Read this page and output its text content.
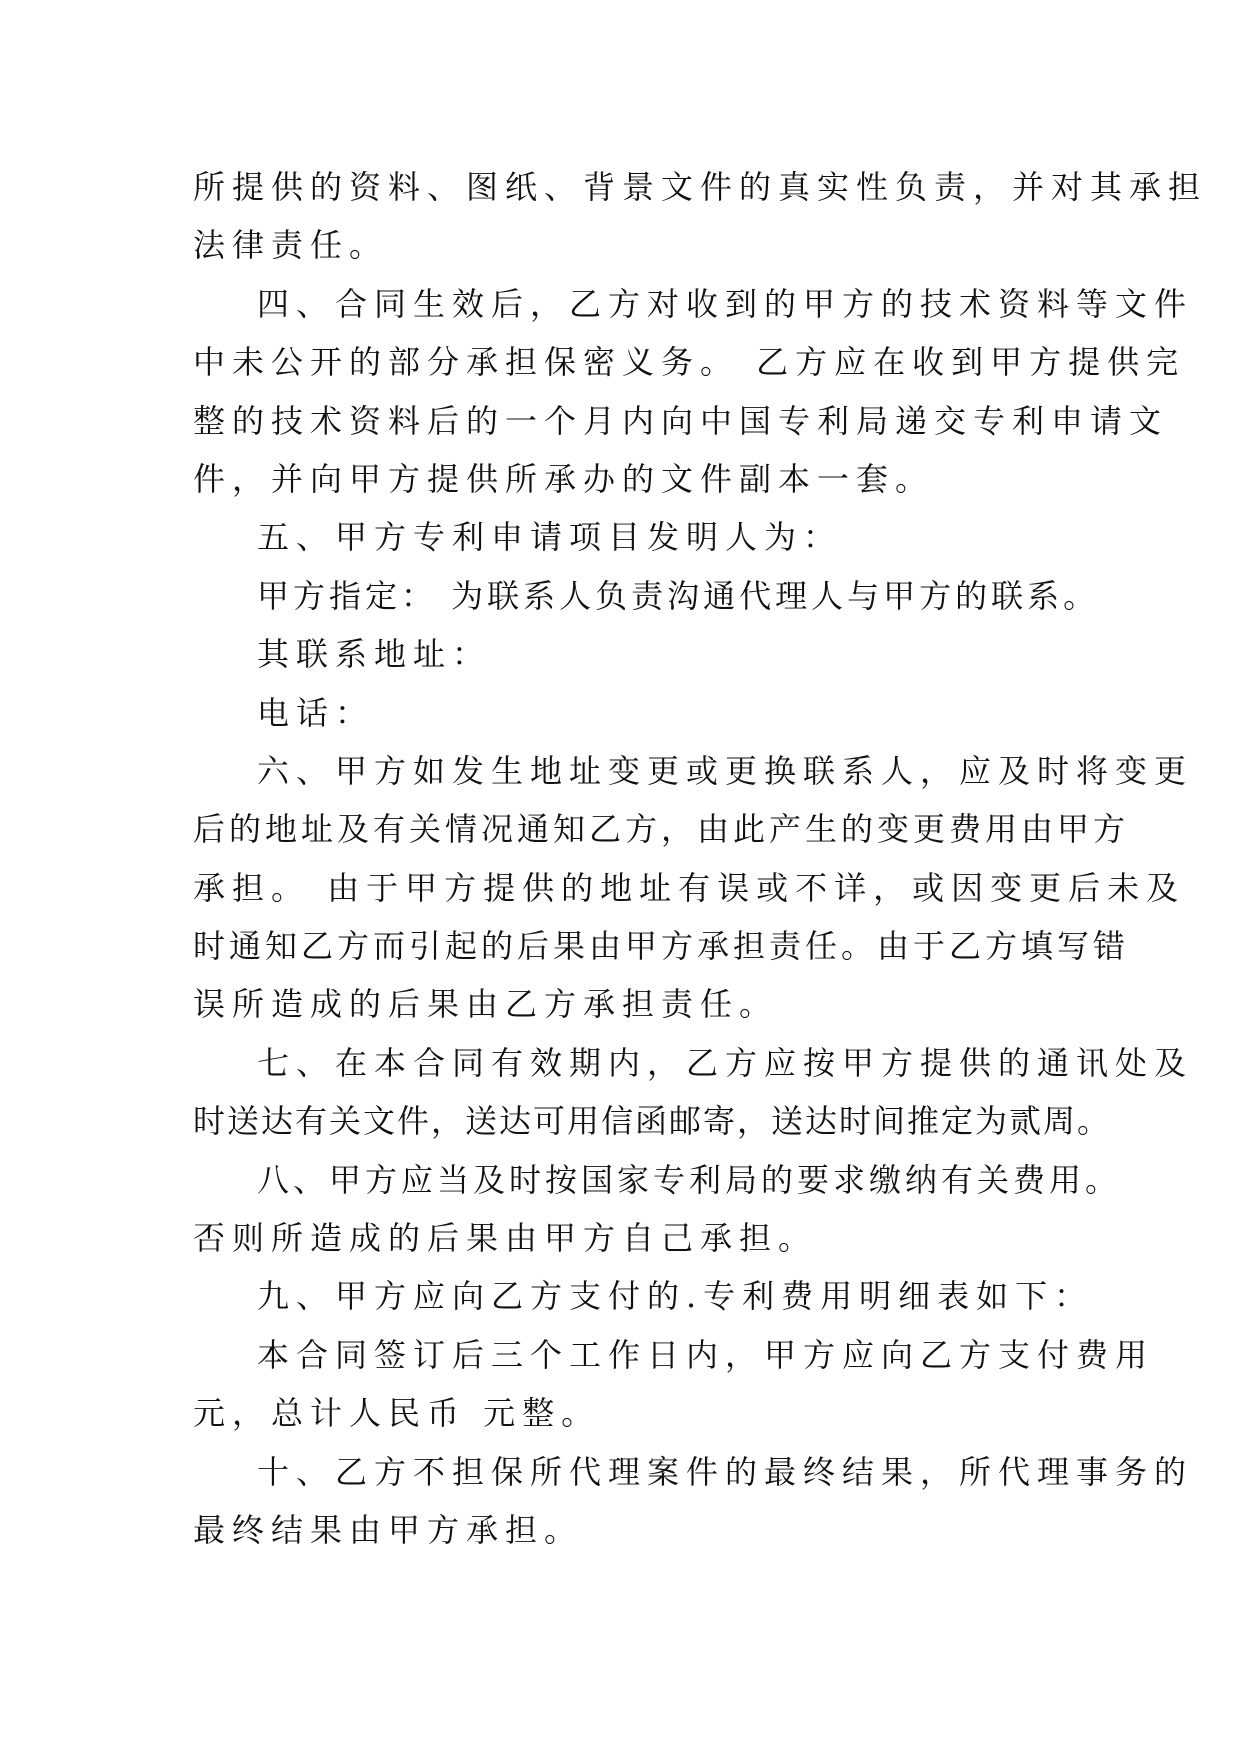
所提供的资料、图纸、背景文件的真实性负责，并对其承担
法律责任。
四、合同生效后，乙方对收到的甲方的技术资料等文件
中未公开的部分承担保密义务。 乙方应在收到甲方提供完
整的技术资料后的一个月内向中国专利局递交专利申请文
件，并向甲方提供所承办的文件副本一套。
五、甲方专利申请项目发明人为：
甲方指定： 为联系人负责沟通代理人与甲方的联系。
其联系地址：
电话：
六、甲方如发生地址变更或更换联系人，应及时将变更
后的地址及有关情况通知乙方，由此产生的变更费用由甲方
承担。 由于甲方提供的地址有误或不详，或因变更后未及
时通知乙方而引起的后果由甲方承担责任。由于乙方填写错
误所造成的后果由乙方承担责任。
七、在本合同有效期内，乙方应按甲方提供的通讯处及
时送达有关文件，送达可用信函邮寄，送达时间推定为贰周。
八、甲方应当及时按国家专利局的要求缴纳有关费用。
否则所造成的后果由甲方自己承担。
九、甲方应向乙方支付的.专利费用明细表如下：
本合同签订后三个工作日内，甲方应向乙方支付费用
元，总计人民币 元整。
十、乙方不担保所代理案件的最终结果，所代理事务的
最终结果由甲方承担。
